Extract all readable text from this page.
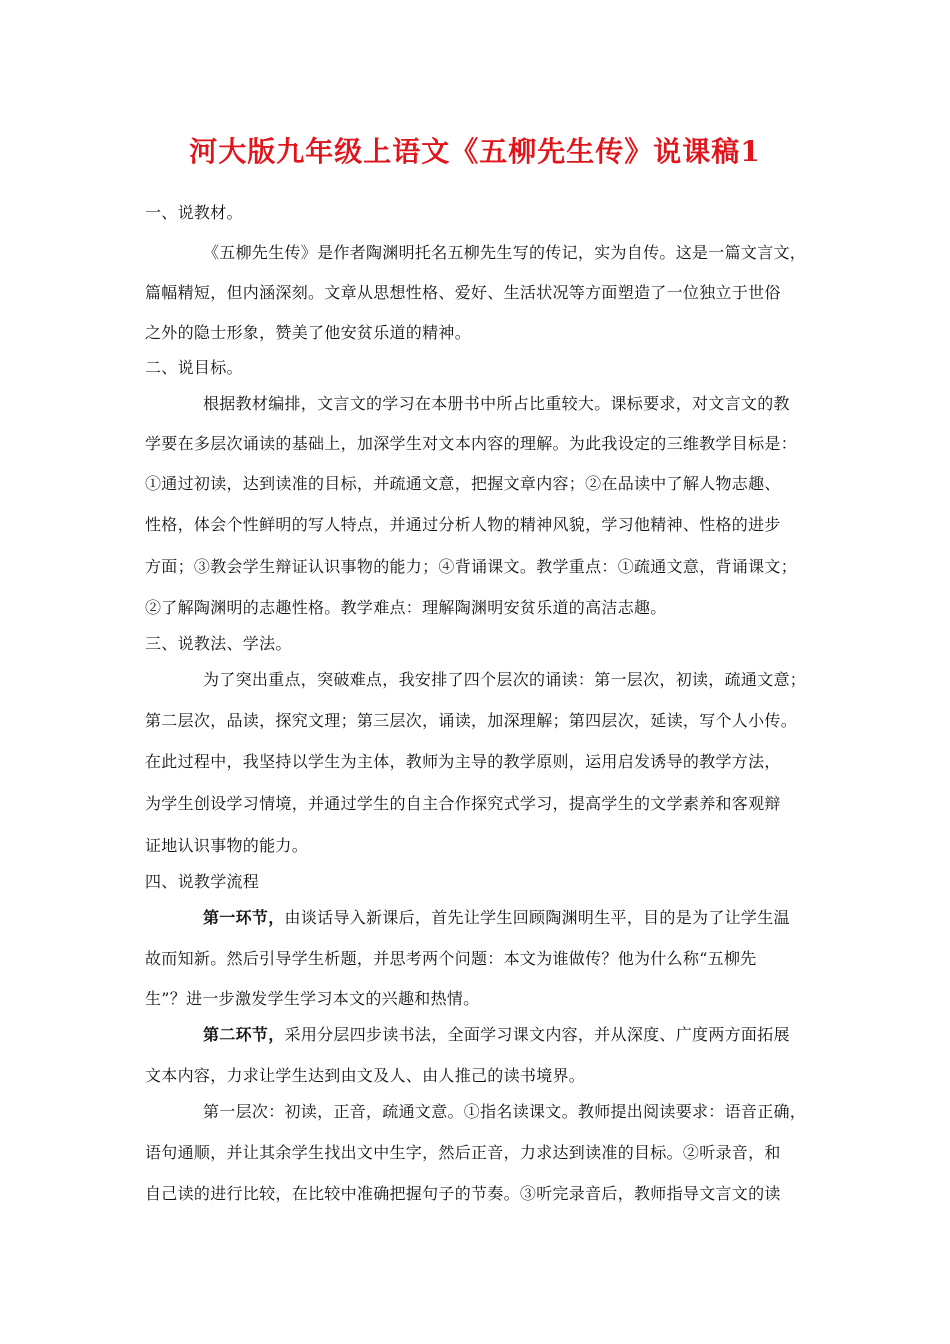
河大版九年级上语文《五柳先生传》说课稿1
一、说教材。
《五柳先生传》是作者陶渊明托名五柳先生写的传记，实为自传。这是一篇文言文，
篇幅精短，但内涵深刻。文章从思想性格、爱好、生活状况等方面塑造了一位独立于世俗
之外的隐士形象，赞美了他安贫乐道的精神。
二、说目标。
根据教材编排，文言文的学习在本册书中所占比重较大。课标要求，对文言文的教
学要在多层次诵读的基础上，加深学生对文本内容的理解。为此我设定的三维教学目标是：
①通过初读，达到读准的目标，并疏通文意，把握文章内容；②在品读中了解人物志趣、
性格，体会个性鲜明的写人特点，并通过分析人物的精神风貌，学习他精神、性格的进步
方面；③教会学生辩证认识事物的能力；④背诵课文。教学重点：①疏通文意，背诵课文；
②了解陶渊明的志趣性格。教学难点：理解陶渊明安贫乐道的高洁志趣。
三、说教法、学法。
为了突出重点，突破难点，我安排了四个层次的诵读：第一层次，初读，疏通文意；
第二层次，品读，探究文理；第三层次，诵读，加深理解；第四层次，延读，写个人小传。
在此过程中，我坚持以学生为主体，教师为主导的教学原则，运用启发诱导的教学方法，
为学生创设学习情境，并通过学生的自主合作探究式学习，提高学生的文学素养和客观辩
证地认识事物的能力。
四、说教学流程
第一环节，由谈话导入新课后，首先让学生回顾陶渊明生平，目的是为了让学生温
故而知新。然后引导学生析题，并思考两个问题：本文为谁做传？他为什么称“五柳先
生”？进一步激发学生学习本文的兴趣和热情。
第二环节，采用分层四步读书法，全面学习课文内容，并从深度、广度两方面拓展
文本内容，力求让学生达到由文及人、由人推己的读书境界。
第一层次：初读，正音，疏通文意。①指名读课文。教师提出阅读要求：语音正确，
语句通顺，并让其余学生找出文中生字，然后正音，力求达到读准的目标。②听录音，和
自己读的进行比较，在比较中准确把握句子的节奏。③听完录音后，教师指导文言文的读
